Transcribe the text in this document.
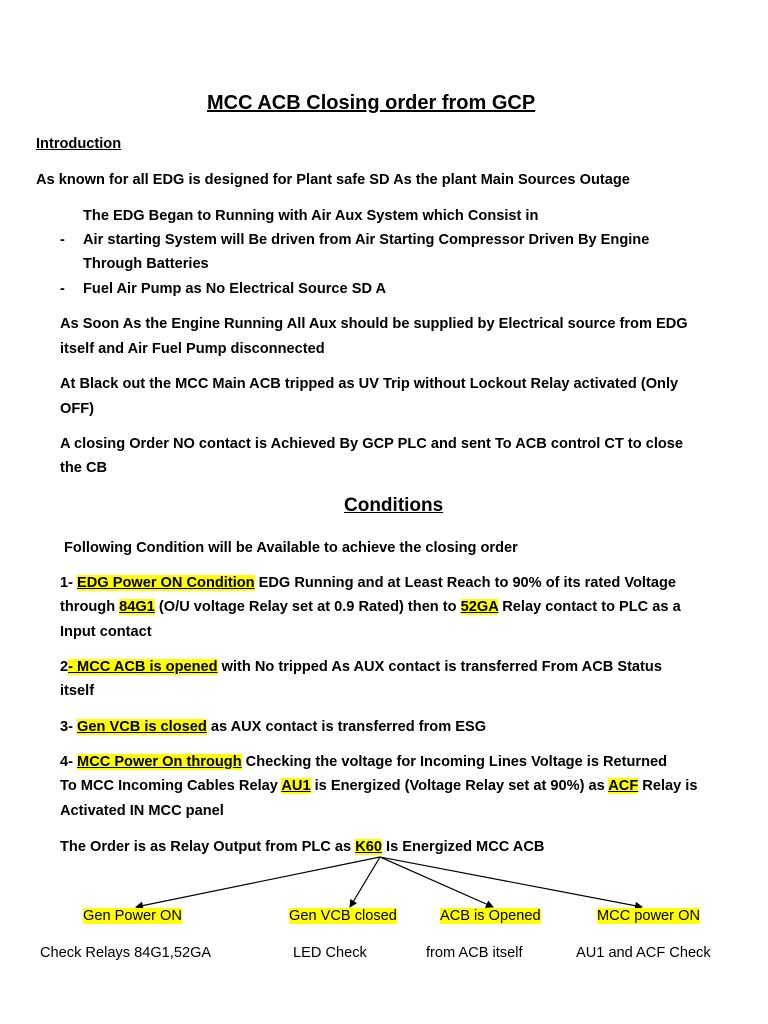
MCC ACB Closing order from GCP
Introduction
As known for all EDG is designed for Plant safe SD As the plant Main Sources Outage
The EDG Began to Running with Air Aux System which Consist in
- Air starting System will Be driven from Air Starting Compressor Driven By Engine
Through Batteries
- Fuel Air Pump as No Electrical Source SD A
As Soon As the Engine Running All Aux should be supplied by Electrical source from EDG
itself and Air Fuel Pump disconnected
At Black out the MCC Main ACB tripped as UV Trip without Lockout Relay activated (Only
OFF)
A closing Order NO contact is Achieved By GCP PLC and sent To ACB control CT to close
the CB
Conditions
Following Condition will be Available to achieve the closing order
1- EDG Power ON Condition EDG Running and at Least Reach to 90% of its rated Voltage
through 84G1 (O/U voltage Relay set at 0.9 Rated) then to 52GA Relay contact to PLC as a
Input contact
2- MCC ACB is opened with No tripped As AUX contact is transferred From ACB Status
itself
3- Gen VCB is closed as AUX contact is transferred from ESG
4- MCC Power On through Checking the voltage for Incoming Lines Voltage is Returned
To MCC Incoming Cables Relay AU1 is Energized (Voltage Relay set at 90%) as ACF Relay is
Activated IN MCC panel
The Order is as Relay Output from PLC as K60 Is Energized MCC ACB
Gen Power ON	Gen VCB closed	ACB is Opened	MCC power ON
Check Relays 84G1,52GA	LED Check	from ACB itself	AU1 and ACF Check
